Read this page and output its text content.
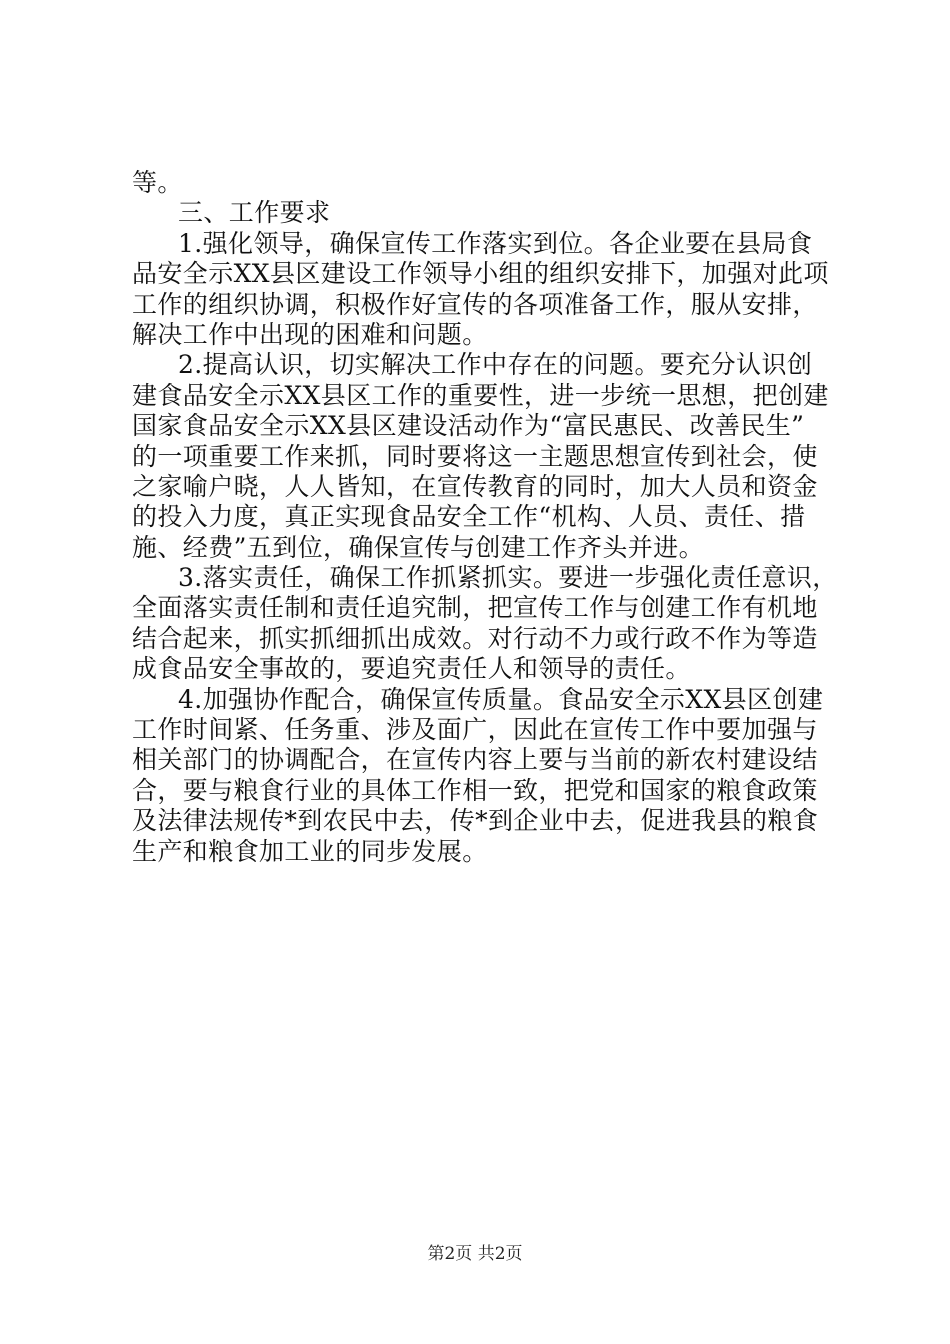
等。
三、工作要求
1.强化领导，确保宣传工作落实到位。各企业要在县局食
品安全示XX县区建设工作领导小组的组织安排下，加强对此项
工作的组织协调，积极作好宣传的各项准备工作，服从安排，
解决工作中出现的困难和问题。
2.提高认识，切实解决工作中存在的问题。要充分认识创
建食品安全示XX县区工作的重要性，进一步统一思想，把创建
国家食品安全示XX县区建设活动作为“富民惠民、改善民生”
的一项重要工作来抓，同时要将这一主题思想宣传到社会，使
之家喻户晓，人人皆知，在宣传教育的同时，加大人员和资金
的投入力度，真正实现食品安全工作“机构、人员、责任、措
施、经费”五到位，确保宣传与创建工作齐头并进。
3.落实责任，确保工作抓紧抓实。要进一步强化责任意识，
全面落实责任制和责任追究制，把宣传工作与创建工作有机地
结合起来，抓实抓细抓出成效。对行动不力或行政不作为等造
成食品安全事故的，要追究责任人和领导的责任。
4.加强协作配合，确保宣传质量。食品安全示XX县区创建
工作时间紧、任务重、涉及面广，因此在宣传工作中要加强与
相关部门的协调配合，在宣传内容上要与当前的新农村建设结
合，要与粮食行业的具体工作相一致，把党和国家的粮食政策
及法律法规传*到农民中去，传*到企业中去，促进我县的粮食
生产和粮食加工业的同步发展。
第2页 共2页
